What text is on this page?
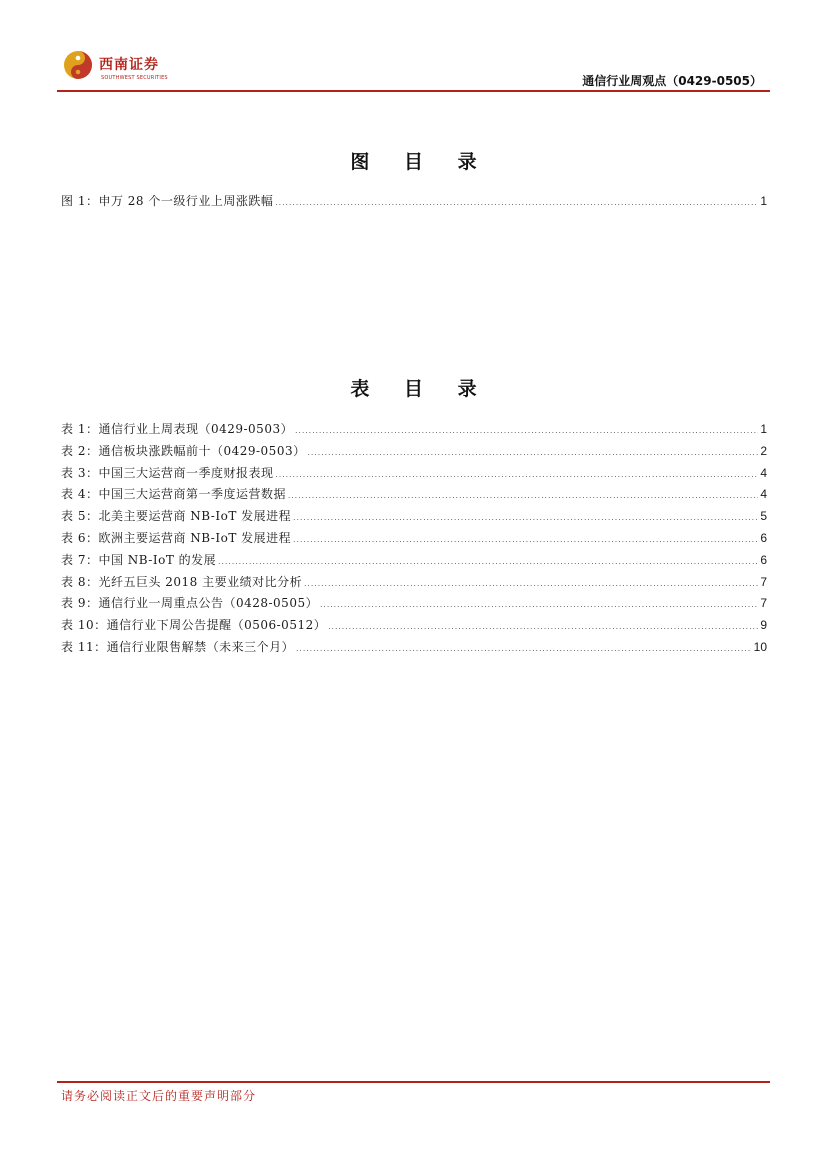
西南证券
SOUTHWEST SECURITIES	通信行业周观点（0429-0505）
图 目 录
图 1：申万 28 个一级行业上周涨跌幅 .....	1
表 目 录
表 1：通信行业上周表现（0429-0503） .....	1
表 2：通信板块涨跌幅前十（0429-0503） .....	2
表 3：中国三大运营商一季度财报表现 .....	4
表 4：中国三大运营商第一季度运营数据 .....	4
表 5：北美主要运营商 NB-IoT 发展进程 .....	5
表 6：欧洲主要运营商 NB-IoT 发展进程 .....	6
表 7：中国 NB-IoT 的发展 .....	6
表 8：光纤五巨头 2018 主要业绩对比分析 .....	7
表 9：通信行业一周重点公告（0428-0505） .....	7
表 10：通信行业下周公告提醒（0506-0512） .....	9
表 11：通信行业限售解禁（未来三个月） .....	10
请务必阅读正文后的重要声明部分
